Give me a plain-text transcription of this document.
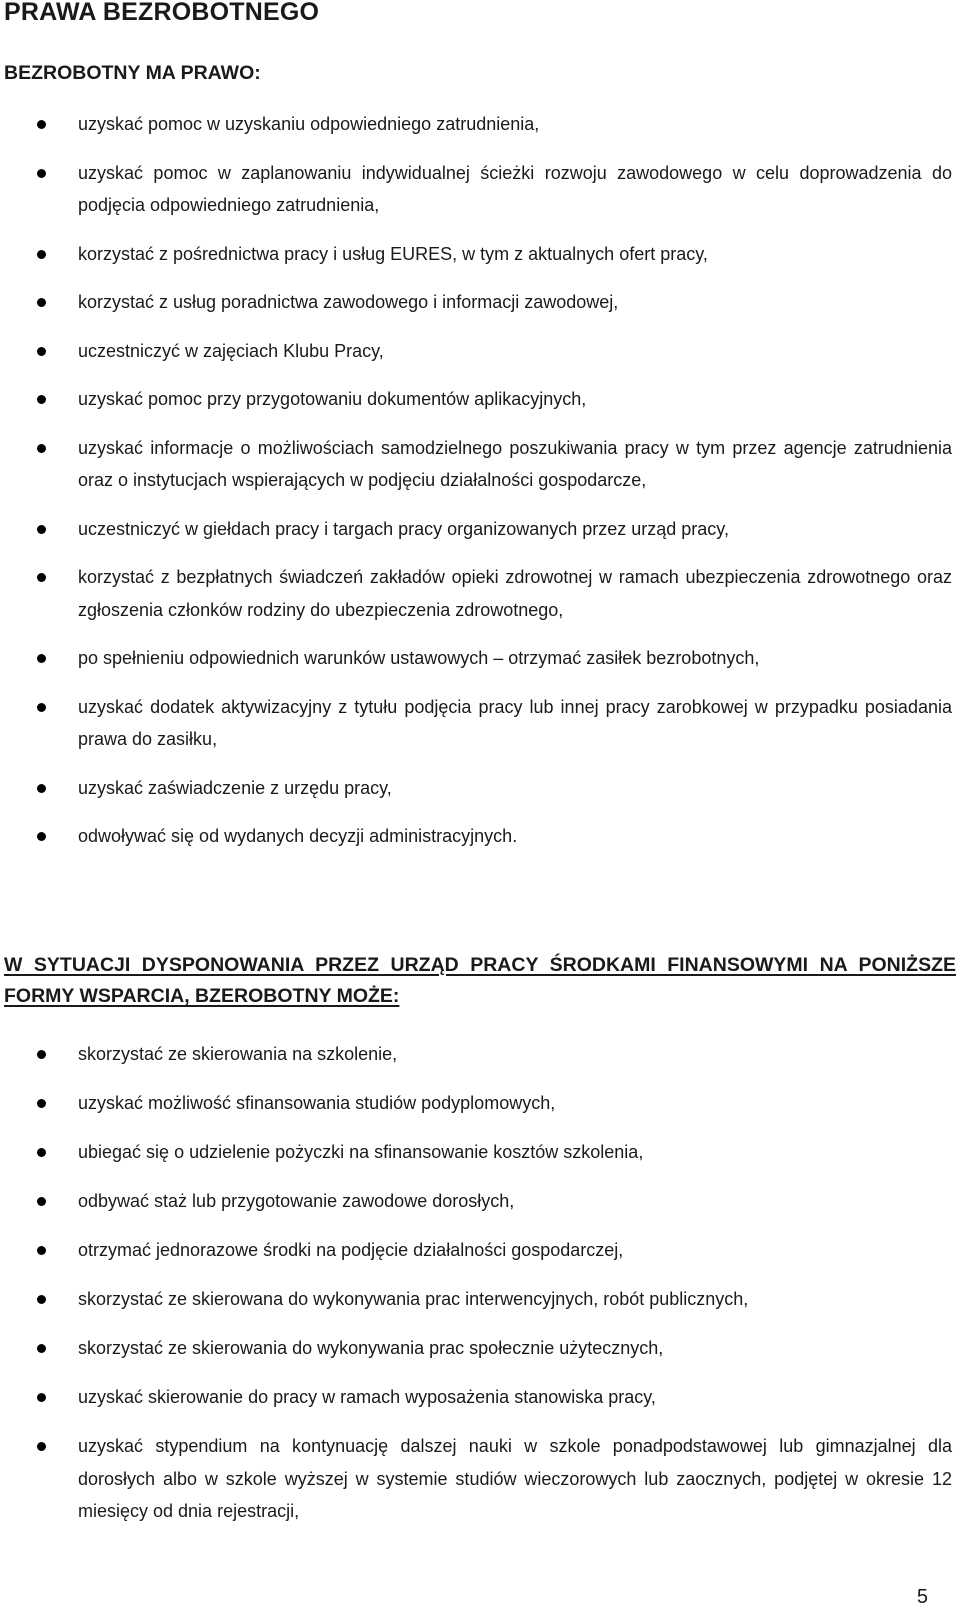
PRAWA BEZROBOTNEGO
BEZROBOTNY MA PRAWO:
uzyskać pomoc w uzyskaniu odpowiedniego zatrudnienia,
uzyskać pomoc w zaplanowaniu indywidualnej ścieżki rozwoju zawodowego w celu doprowadzenia do podjęcia odpowiedniego zatrudnienia,
korzystać z pośrednictwa pracy i usług EURES, w tym z aktualnych ofert pracy,
korzystać z usług poradnictwa zawodowego i informacji zawodowej,
uczestniczyć w zajęciach Klubu Pracy,
uzyskać pomoc przy przygotowaniu dokumentów aplikacyjnych,
uzyskać informacje o możliwościach samodzielnego poszukiwania pracy w tym przez agencje zatrudnienia oraz o instytucjach wspierających w podjęciu działalności gospodarcze,
uczestniczyć w giełdach pracy i targach pracy organizowanych przez urząd pracy,
korzystać z bezpłatnych świadczeń zakładów opieki zdrowotnej w ramach ubezpieczenia zdrowotnego oraz zgłoszenia członków rodziny do ubezpieczenia zdrowotnego,
po spełnieniu odpowiednich warunków ustawowych – otrzymać zasiłek bezrobotnych,
uzyskać dodatek aktywizacyjny z tytułu podjęcia pracy lub innej pracy zarobkowej w przypadku posiadania prawa do zasiłku,
uzyskać zaświadczenie z urzędu pracy,
odwoływać się od wydanych decyzji administracyjnych.
W SYTUACJI DYSPONOWANIA PRZEZ URZĄD PRACY ŚRODKAMI FINANSOWYMI NA PONIŻSZE FORMY WSPARCIA, BZEROBOTNY MOŻE:
skorzystać ze skierowania na szkolenie,
uzyskać możliwość sfinansowania studiów podyplomowych,
ubiegać się o udzielenie pożyczki na sfinansowanie kosztów szkolenia,
odbywać staż lub przygotowanie zawodowe dorosłych,
otrzymać jednorazowe środki na podjęcie działalności gospodarczej,
skorzystać ze skierowana do wykonywania prac interwencyjnych, robót publicznych,
skorzystać ze skierowania do wykonywania prac społecznie użytecznych,
uzyskać skierowanie do pracy w ramach wyposażenia stanowiska pracy,
uzyskać stypendium na kontynuację dalszej nauki w szkole ponadpodstawowej lub gimnazjalnej dla dorosłych albo w szkole wyższej w systemie studiów wieczorowych lub zaocznych, podjętej w okresie 12 miesięcy od dnia rejestracji,
5
